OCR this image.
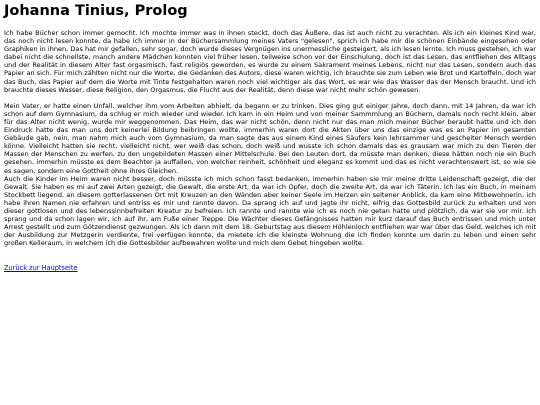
Johanna Tinius, Prolog

Ich habe Bücher schon immer gemocht. Ich mochte immer was in ihnen steckt, doch das Äußere, das ist auch nicht zu verachten. Als ich ein kleines Kind war, das noch nicht lesen konnte, da habe ich immer in der Büchersammlung meines Vaters "gelesen", sprich ich habe mir die schönen Einbände eingesehen oder Graphiken in ihnen. Das hat mir gefallen, sehr sogar, doch wurde dieses Vergnügen ins unermessliche gesteigert, als ich lesen lernte. Ich muss gestehen, ich war dabei nicht die schnellste, manch andere Mädchen konnten viel früher lesen, teilweise schon vor der Einschulung, doch ist das Lesen, das entfliehen des Alltags und der Realität in diesem Alter fast orgasmisch, fast religiös geworden, es wurde zu einem Sakrament meines Lebens, nicht nur das Lesen, sondern auch das Papier an sich. Für mich zählten nicht nur die Worte, die Gedanken des Autors, diese waren wichtig, ich brauchte sie zum Leben wie Brot und Kartoffeln, doch war das Buch, das Papier auf dem die Worte mit Tinte festgehalten waren noch viel wichtiger als das Wort, es war wie das Wasser das der Mensch braucht. Und ich brauchte dieses Wasser, diese Religion, den Orgasmus, die Flucht aus der Realität, denn diese war nicht mehr schön gewesen.

Mein Vater, er hatte einen Unfall, welcher ihm vom Arbeiten abhielt, da begann er zu trinken. Dies ging gut einiger Jahre, doch dann, mit 14 Jahren, da war ich schon auf dem Gymnasium, da schlug er mich wieder und wieder. Ich kam in ein Heim und von meiner Sammmlung an Büchern, damals noch recht klein, aber für das Alter nicht wenig, wurde mir weggenommen. Das Heim, das war nicht schön, denn nicht nur das man mich meiner Bücher beraubt hatte und ich den Eindruck hatte das man uns dort keinerlei Bildung beibringen wollte, immerhin waren dort die Akten über uns das einzige was es an Papier im gesamten Gebäude gab, nein, man nahm mich auch vom Gymnasium, da man sagte das aus einem Kind eines Säufers kein lehrsammer und gescheiter Mensch werden könne. Vielleicht hatten sie recht, vielleicht nicht, wer weiß das schon, doch weiß und wusste ich schon damals das es grausam war mich zu den Tieren der Massen der Menschen zu werfen, zu den ungebildeten Massen einer Mittelschule. Bei den Leuten dort, da müsste man denken, diese hätten noch nie ein Buch gesehen, immerhin müsste es dem Beachter ja auffallen, von welcher reinheit, schönheit und eleganz es kommt und das es nicht verachtenswert ist, so wie sie es sagen, sondern eine Gottheit ohne ihres Gleichen.

Auch die Kinder im Heim waren nicht besser, doch müsste ich mich schon fasst bedanken, immerhin haben sie mir meine dritte Leidenschaft gezeigt, die der Gewalt. Sie haben es mi auf zwei Arten gezeigt, die Gewalt, die erste Art, da war ich Opfer, doch die zweite Art, da war ich Täterin. Ich las ein Buch, in meinem Stockbett liegend, an diesem gotterlassenen Ort mit Kreuzen an den Wänden aber keiner Seele im Herzen ein seltener Anblick, da kam eine Mitbewohnerin, ich habe ihren Namen nie erfahren und entriss es mir und rannte davon. Da sprang ich auf und jagte ihr nicht, eifrig das Gottesbild zurück zu erhalten und von dieser gottlosen und des lebenssinnbefreiten Kreatur zu befreien. Ich rannte und rannte wie ich es noch nie getan hatte und plötzlich, da war sie vor mir. Ich sprang und da schon lagen wir, ich auf ihr, am Fuße einer Treppe. Die Wächter dieses Gefängnisses hatten mir kurz darauf das Buch entrissen und mich unter Arrest gestellt und zum Götzendienst gezwungen. Als ich dann mit dem 18. Geburtstag aus diesem Höhlenloch entfliehen war war über das Geld, welches ich mit der Ausbildung zur Metzgerin verdiente, frei verfügen konnte, da mietete ich die kleinste Wohnung die ich finden konnte um darin zu leben und einen sehr großen Kelleraum, in welchem ich die Gottesbilder aufbewahren wollte und mich dem Gebet hingeben wollte.

Zurück zur Hauptseite
